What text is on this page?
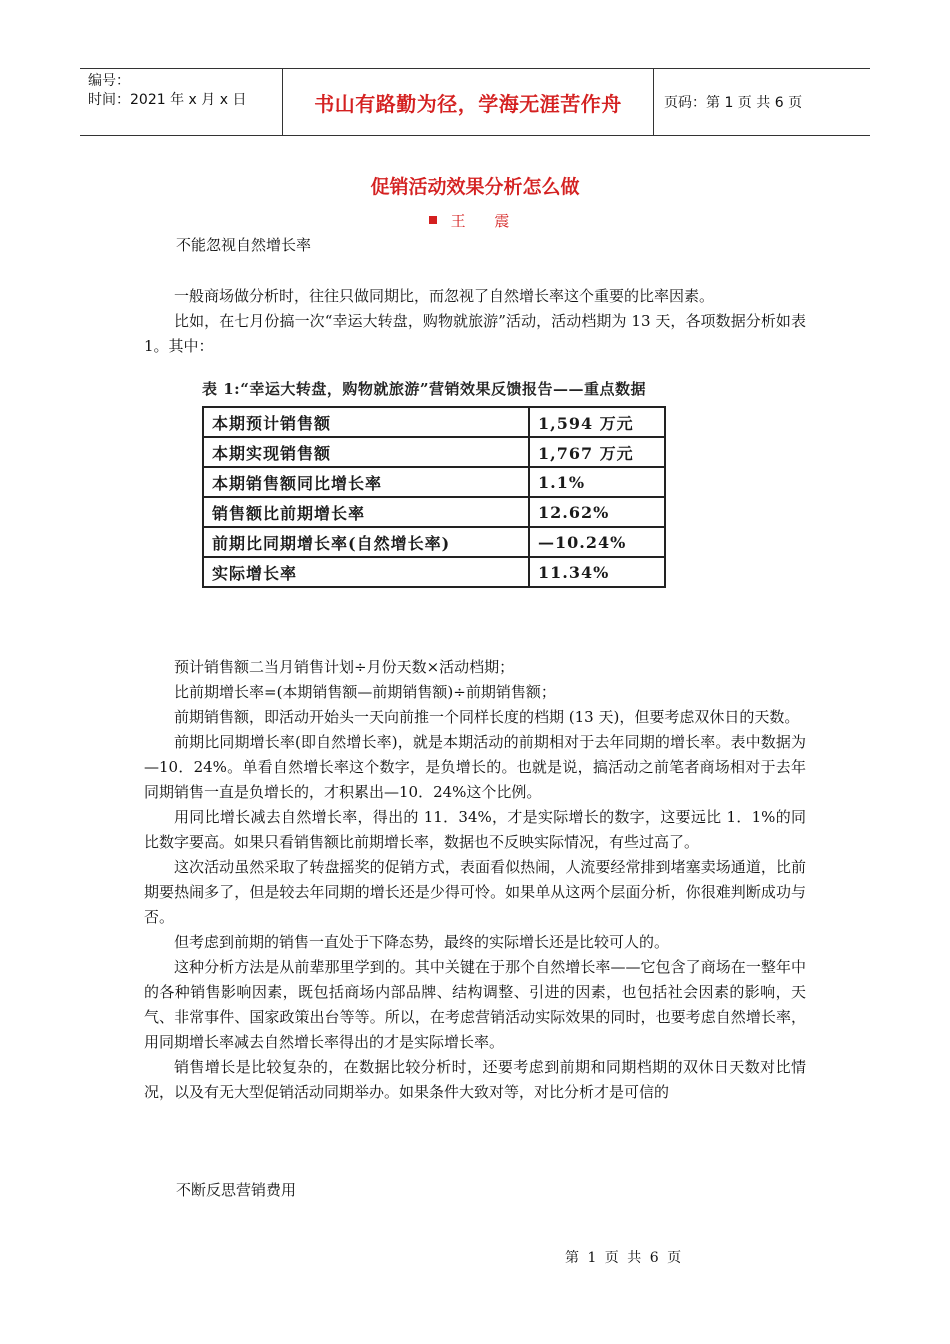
编号：
时间：2021 年 x 月 x 日	书山有路勤为径，学海无涯苦作舟	页码：第 1 页 共 6 页
促销活动效果分析怎么做
王 震
不能忽视自然增长率

一般商场做分析时，往往只做同期比，而忽视了自然增长率这个重要的比率因素。

比如，在七月份搞一次“幸运大转盘，购物就旅游”活动，活动档期为 13 天，各项数据分析如表 1。其中：

表 1:“幸运大转盘，购物就旅游”营销效果反馈报告——重点数据
本期预计销售额	1,594 万元
本期实现销售额	1,767 万元
本期销售额同比增长率	1.1%
销售额比前期增长率	12.62%
前期比同期增长率(自然增长率)	—10.24%
实际增长率	11.34%

预计销售额二当月销售计划÷月份天数×活动档期；

比前期增长率=(本期销售额—前期销售额)÷前期销售额；

前期销售额，即活动开始头一天向前推一个同样长度的档期 (13 天)，但要考虑双休日的天数。

前期比同期增长率(即自然增长率)，就是本期活动的前期相对于去年同期的增长率。表中数据为—10．24%。单看自然增长率这个数字，是负增长的。也就是说，搞活动之前笔者商场相对于去年同期销售一直是负增长的，才积累出—10．24%这个比例。

用同比增长减去自然增长率，得出的 11．34%，才是实际增长的数字，这要远比 1．1%的同比数字要高。如果只看销售额比前期增长率，数据也不反映实际情况，有些过高了。

这次活动虽然采取了转盘摇奖的促销方式，表面看似热闹，人流要经常排到堵塞卖场通道，比前期要热闹多了，但是较去年同期的增长还是少得可怜。如果单从这两个层面分析，你很难判断成功与否。

但考虑到前期的销售一直处于下降态势，最终的实际增长还是比较可人的。

这种分析方法是从前辈那里学到的。其中关键在于那个自然增长率——它包含了商场在一整年中的各种销售影响因素，既包括商场内部品牌、结构调整、引进的因素，也包括社会因素的影响，天气、非常事件、国家政策出台等等。所以，在考虑营销活动实际效果的同时，也要考虑自然增长率，用同期增长率减去自然增长率得出的才是实际增长率。

销售增长是比较复杂的，在数据比较分析时，还要考虑到前期和同期档期的双休日天数对比情况，以及有无大型促销活动同期举办。如果条件大致对等，对比分析才是可信的

不断反思营销费用
第 1 页 共 6 页
